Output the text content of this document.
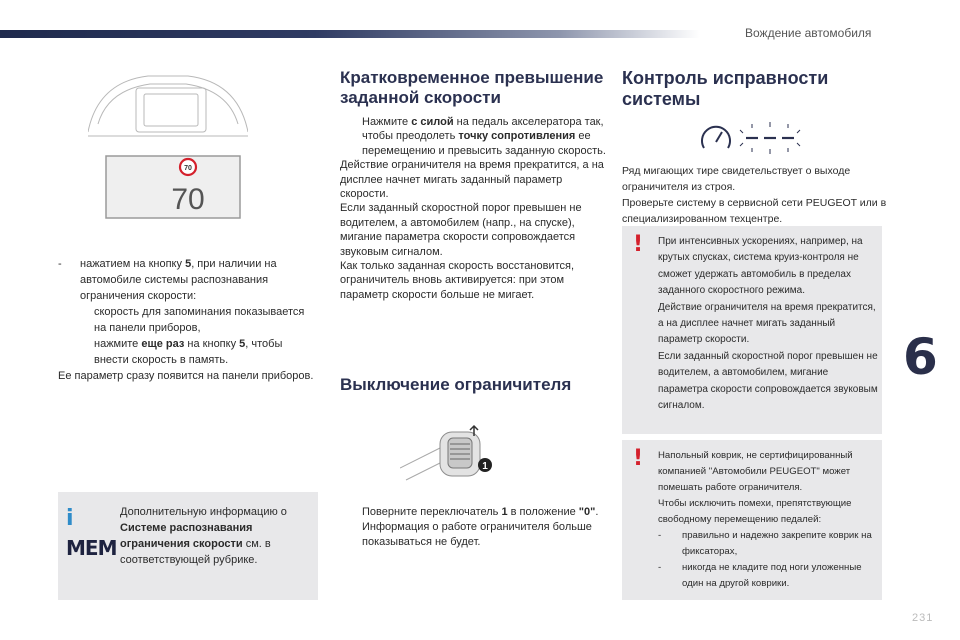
Вождение автомобиля
6
231
70
70
-	нажатием на кнопку 5, при наличии на автомобиле системы распознавания ограничения скорости:
скорость для запоминания показывается на панели приборов,
нажмите еще раз на кнопку 5, чтобы внести скорость в память.
Ее параметр сразу появится на панели приборов.
i
MEM
Дополнительную информацию о Системе распознавания ограничения скорости см. в соответствующей рубрике.
Кратковременное превышение заданной скорости
Нажмите с силой на педаль акселератора так, чтобы преодолеть точку сопротивления ее перемещению и превысить заданную скорость.
Действие ограничителя на время прекратится, а на дисплее начнет мигать заданный параметр скорости.
Если заданный скоростной порог превышен не водителем, а автомобилем (напр., на спуске), мигание параметра скорости сопровождается звуковым сигналом.
Как только заданная скорость восстановится, ограничитель вновь активируется: при этом параметр скорости больше не мигает.
Выключение ограничителя
1
Поверните переключатель 1 в положение "0".
Информация о работе ограничителя больше показываться не будет.
Контроль исправности системы
Ряд мигающих тире свидетельствует о выходе ограничителя из строя.
Проверьте систему в сервисной сети PEUGEOT или в специализированном техцентре.
! При интенсивных ускорениях, например, на крутых спусках, система круиз-контроля не сможет удержать автомобиль в пределах заданного скоростного режима.
Действие ограничителя на время прекратится, а на дисплее начнет мигать заданный параметр скорости.
Если заданный скоростной порог превышен не водителем, а автомобилем, мигание параметра скорости сопровождается звуковым сигналом.
! Напольный коврик, не сертифицированный компанией "Автомобили PEUGEOT" может помешать работе ограничителя.
Чтобы исключить помехи, препятствующие свободному перемещению педалей:
-	правильно и надежно закрепите коврик на фиксаторах,
-	никогда не кладите под ноги уложенные один на другой коврики.
